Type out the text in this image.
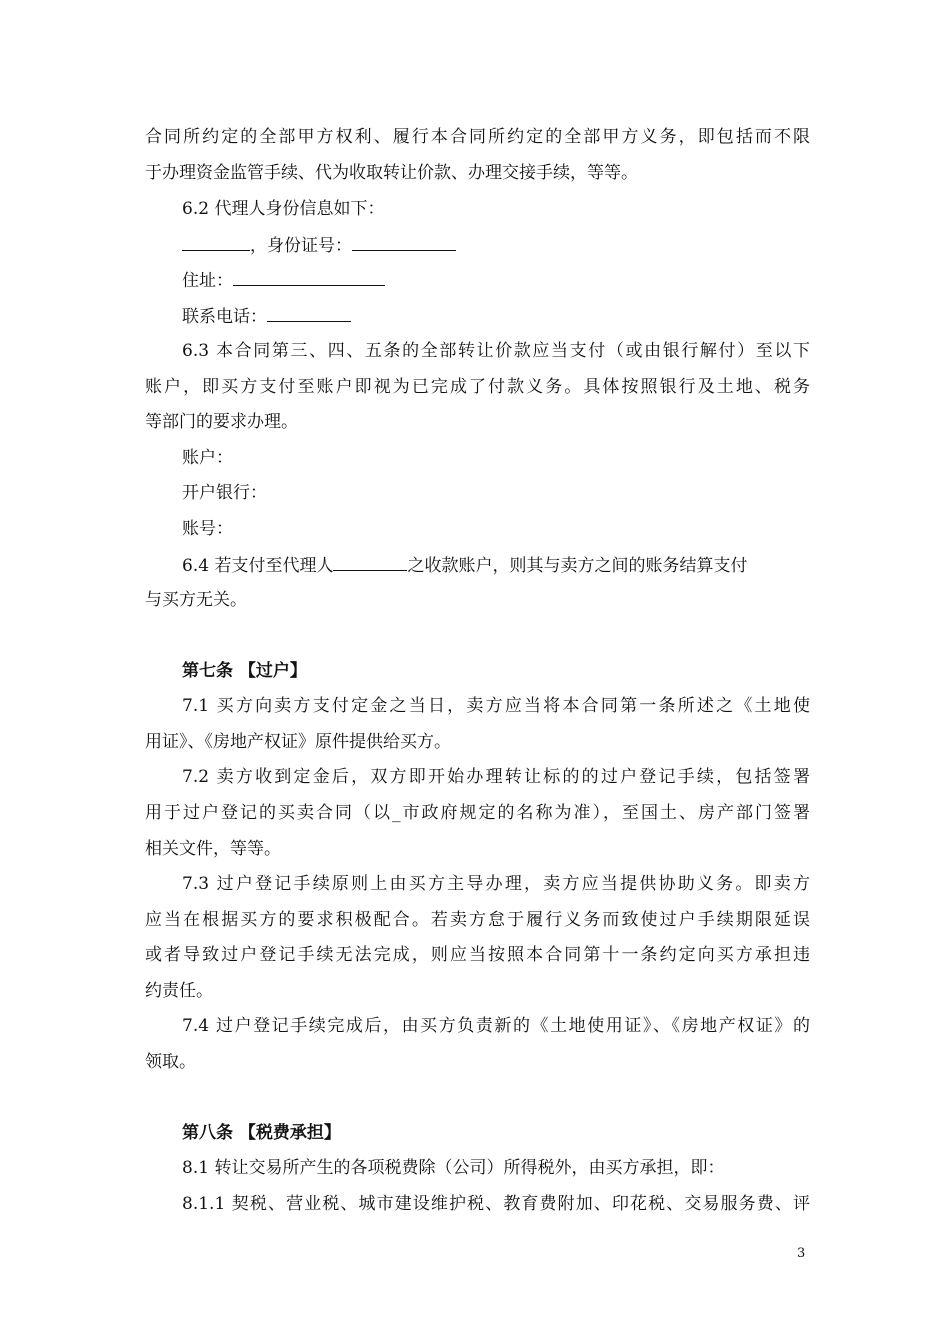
合同所约定的全部甲方权利、履行本合同所约定的全部甲方义务，即包括而不限
于办理资金监管手续、代为收取转让价款、办理交接手续，等等。
6.2 代理人身份信息如下：
，身份证号：
住址：
联系电话：
6.3 本合同第三、四、五条的全部转让价款应当支付（或由银行解付）至以下
账户，即买方支付至账户即视为已完成了付款义务。具体按照银行及土地、税务
等部门的要求办理。
账户：
开户银行：
账号：
6.4 若支付至代理人	之收款账户，则其与卖方之间的账务结算支付
与买方无关。
第七条 【过户】
7.1 买方向卖方支付定金之当日，卖方应当将本合同第一条所述之《土地使
用证》、《房地产权证》原件提供给买方。
7.2 卖方收到定金后，双方即开始办理转让标的的过户登记手续，包括签署
用于过户登记的买卖合同（以_市政府规定的名称为准），至国土、房产部门签署
相关文件，等等。
7.3 过户登记手续原则上由买方主导办理，卖方应当提供协助义务。即卖方
应当在根据买方的要求积极配合。若卖方怠于履行义务而致使过户手续期限延误
或者导致过户登记手续无法完成，则应当按照本合同第十一条约定向买方承担违
约责任。
7.4 过户登记手续完成后，由买方负责新的《土地使用证》、《房地产权证》的
领取。
第八条 【税费承担】
8.1 转让交易所产生的各项税费除（公司）所得税外，由买方承担，即：
8.1.1 契税、营业税、城市建设维护税、教育费附加、印花税、交易服务费、评
3
